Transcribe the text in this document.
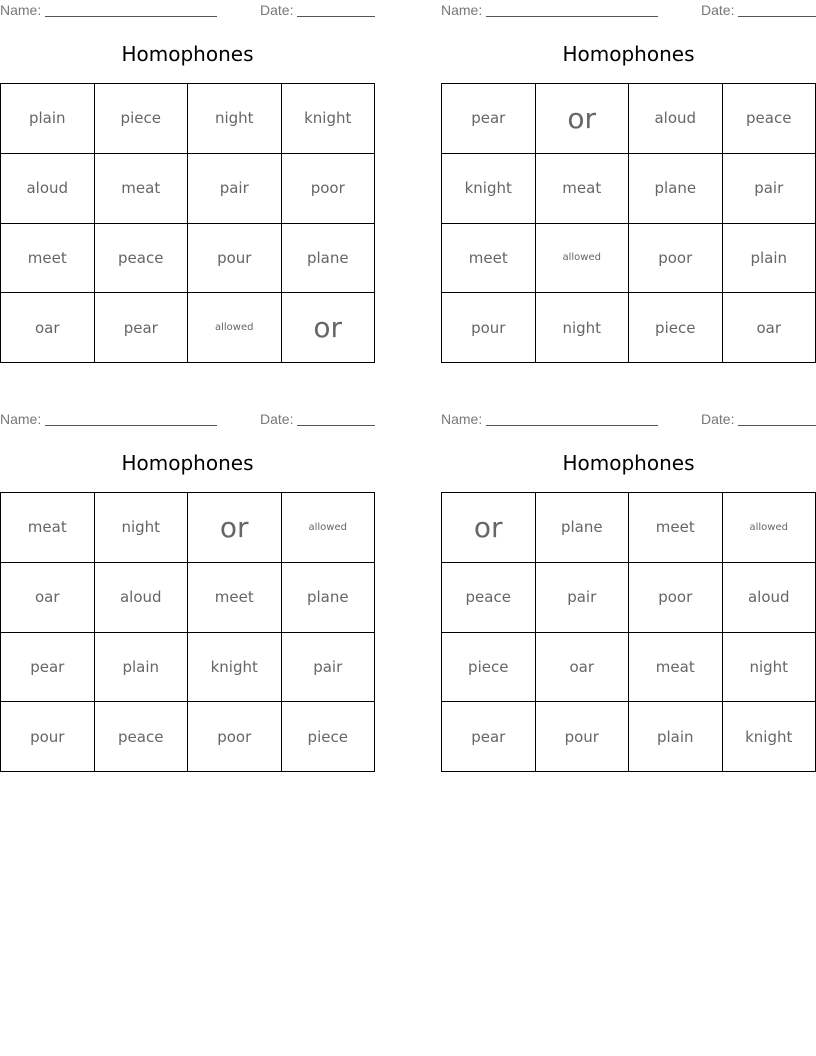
Name:	Date:
Homophones
plain	piece	night	knight
aloud	meat	pair	poor
meet	peace	pour	plane
oar	pear	allowed	or
Name:	Date:
Homophones
pear	or	aloud	peace
knight	meat	plane	pair
meet	allowed	poor	plain
pour	night	piece	oar
Name:	Date:
Homophones
meat	night	or	allowed
oar	aloud	meet	plane
pear	plain	knight	pair
pour	peace	poor	piece
Name:	Date:
Homophones
or	plane	meet	allowed
peace	pair	poor	aloud
piece	oar	meat	night
pear	pour	plain	knight
